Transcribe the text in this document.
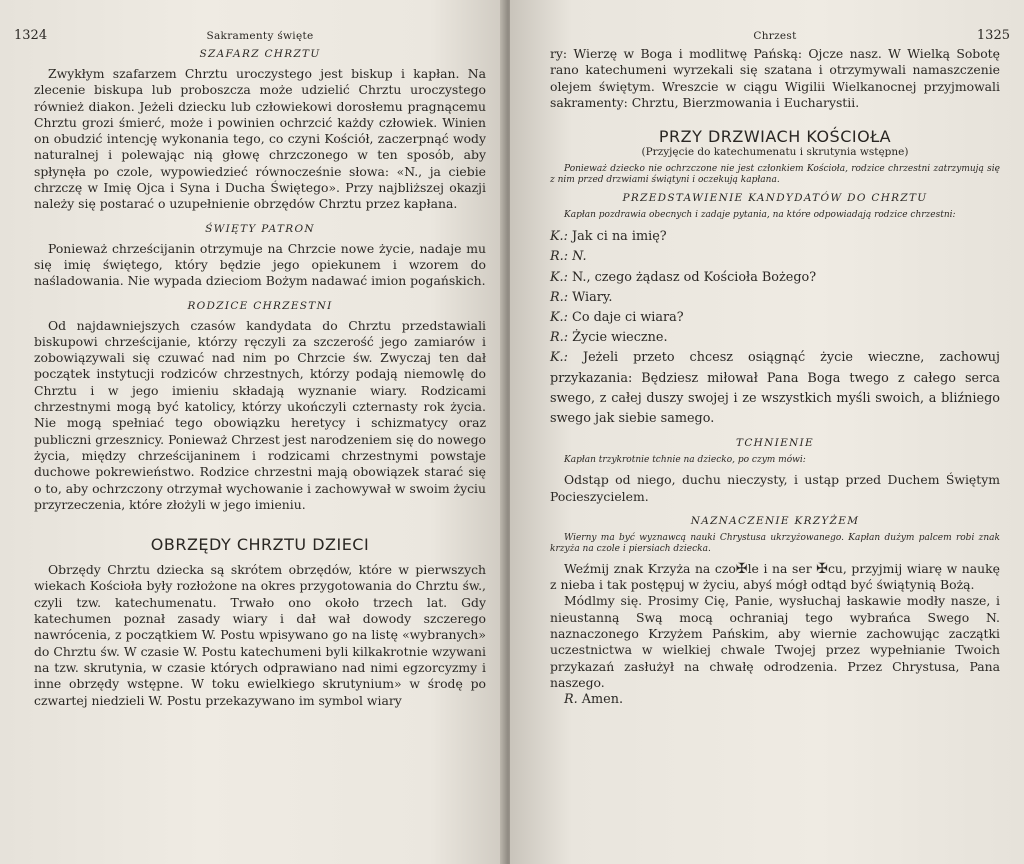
1324	Sakramenty święte
SZAFARZ CHRZTU

Zwykłym szafarzem Chrztu uroczystego jest biskup i kapłan. Na zlecenie biskupa lub proboszcza może udzielić Chrztu uroczystego również diakon. Jeżeli dziecku lub człowiekowi dorosłemu pragnącemu Chrztu grozi śmierć, może i powinien ochrzcić każdy człowiek. Winien on obudzić intencję wykonania tego, co czyni Kościół, zaczerpnąć wody naturalnej i polewając nią głowę chrzczonego w ten sposób, aby spłynęła po czole, wypowiedzieć równocześnie słowa: «N., ja ciebie chrzczę w Imię Ojca i Syna i Ducha Świętego». Przy najbliższej okazji należy się postarać o uzupełnienie obrzędów Chrztu przez kapłana.

ŚWIĘTY PATRON

Ponieważ chrześcijanin otrzymuje na Chrzcie nowe życie, nadaje mu się imię świętego, który będzie jego opiekunem i wzorem do naśladowania. Nie wypada dzieciom Bożym nadawać imion pogańskich.

RODZICE CHRZESTNI

Od najdawniejszych czasów kandydata do Chrztu przedstawiali biskupowi chrześcijanie, którzy ręczyli za szczerość jego zamiarów i zobowiązywali się czuwać nad nim po Chrzcie św. Zwyczaj ten dał początek instytucji rodziców chrzestnych, którzy podają niemowlę do Chrztu i w jego imieniu składają wyznanie wiary. Rodzicami chrzestnymi mogą być katolicy, którzy ukończyli czternasty rok życia. Nie mogą spełniać tego obowiązku heretycy i schizmatycy oraz publiczni grzesznicy. Ponieważ Chrzest jest narodzeniem się do nowego życia, między chrześcijaninem i rodzicami chrzestnymi powstaje duchowe pokrewieństwo. Rodzice chrzestni mają obowiązek starać się o to, aby ochrzczony otrzymał wychowanie i zachowywał w swoim życiu przyrzeczenia, które złożyli w jego imieniu.

OBRZĘDY CHRZTU DZIECI

Obrzędy Chrztu dziecka są skrótem obrzędów, które w pierwszych wiekach Kościoła były rozłożone na okres przygotowania do Chrztu św., czyli tzw. katechumenatu. Trwało ono około trzech lat. Gdy katechumen poznał zasady wiary i dał wał dowody szczerego nawrócenia, z początkiem W. Postu wpisywano go na listę «wybranych» do Chrztu św. W czasie W. Postu katechumeni byli kilkakrotnie wzywani na tzw. skrutynia, w czasie których odprawiano nad nimi egzorcyzmy i inne obrzędy wstępne. W toku ewielkiego skrutynium» w środę po czwartej niedzieli W. Postu przekazywano im symbol wiary

Chrzest	1325

ry: Wierzę w Boga i modlitwę Pańską: Ojcze nasz. W Wielką Sobotę rano katechumeni wyrzekali się szatana i otrzymywali namaszczenie olejem świętym. Wreszcie w ciągu Wigilii Wielkanocnej przyjmowali sakramenty: Chrztu, Bierzmowania i Eucharystii.

PRZY DRZWIACH KOŚCIOŁA
(Przyjęcie do katechumenatu i skrutynia wstępne)
Ponieważ dziecko nie ochrzczone nie jest członkiem Kościoła, rodzice chrzestni zatrzymują się z nim przed drzwiami świątyni i oczekują kapłana.
PRZEDSTAWIENIE KANDYDATÓW DO CHRZTU
Kapłan pozdrawia obecnych i zadaje pytania, na które odpowiadają rodzice chrzestni:
K.: Jak ci na imię?
R.: N.
K.: N., czego żądasz od Kościoła Bożego?
R.: Wiary.
K.: Co daje ci wiara?
R.: Życie wieczne.
K.: Jeżeli przeto chcesz osiągnąć życie wieczne, zachowuj przykazania: Będziesz miłował Pana Boga twego z całego serca swego, z całej duszy swojej i ze wszystkich myśli swoich, a bliźniego swego jak siebie samego.
TCHNIENIE
Kapłan trzykrotnie tchnie na dziecko, po czym mówi:

Odstąp od niego, duchu nieczysty, i ustąp przed Duchem Świętym Pocieszycielem.

NAZNACZENIE KRZYŻEM
Wierny ma być wyznawcą nauki Chrystusa ukrzyżowanego. Kapłan dużym palcem robi znak krzyża na czole i piersiach dziecka.

Weźmij znak Krzyża na czo✠le i na ser ✠cu, przyjmij wiarę w naukę z nieba i tak postępuj w życiu, abyś mógł odtąd być świątynią Bożą.

Módlmy się. Prosimy Cię, Panie, wysłuchaj łaskawie modły nasze, i nieustanną Swą mocą ochraniaj tego wybrańca Swego N. naznaczonego Krzyżem Pańskim, aby wiernie zachowując zaczątki uczestnictwa w wielkiej chwale Twojej przez wypełnianie Twoich przykazań zasłużył na chwałę odrodzenia. Przez Chrystusa, Pana naszego.

R. Amen.
